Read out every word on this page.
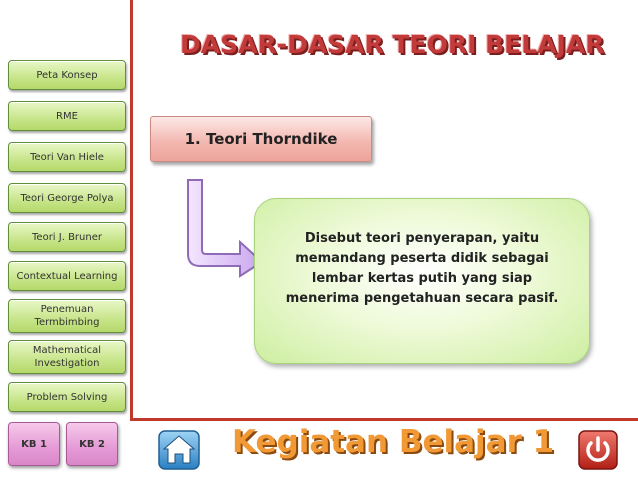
DASAR-DASAR TEORI BELAJAR
Peta Konsep
RME
Teori Van Hiele
Teori George Polya
Teori J. Bruner
Contextual Learning
Penemuan Termbimbing
Mathematical Investigation
Problem Solving
KB 1	KB 2
1. Teori Thorndike
Disebut teori penyerapan, yaitu memandang peserta didik sebagai lembar kertas putih yang siap menerima pengetahuan secara pasif.
Kegiatan Belajar 1
